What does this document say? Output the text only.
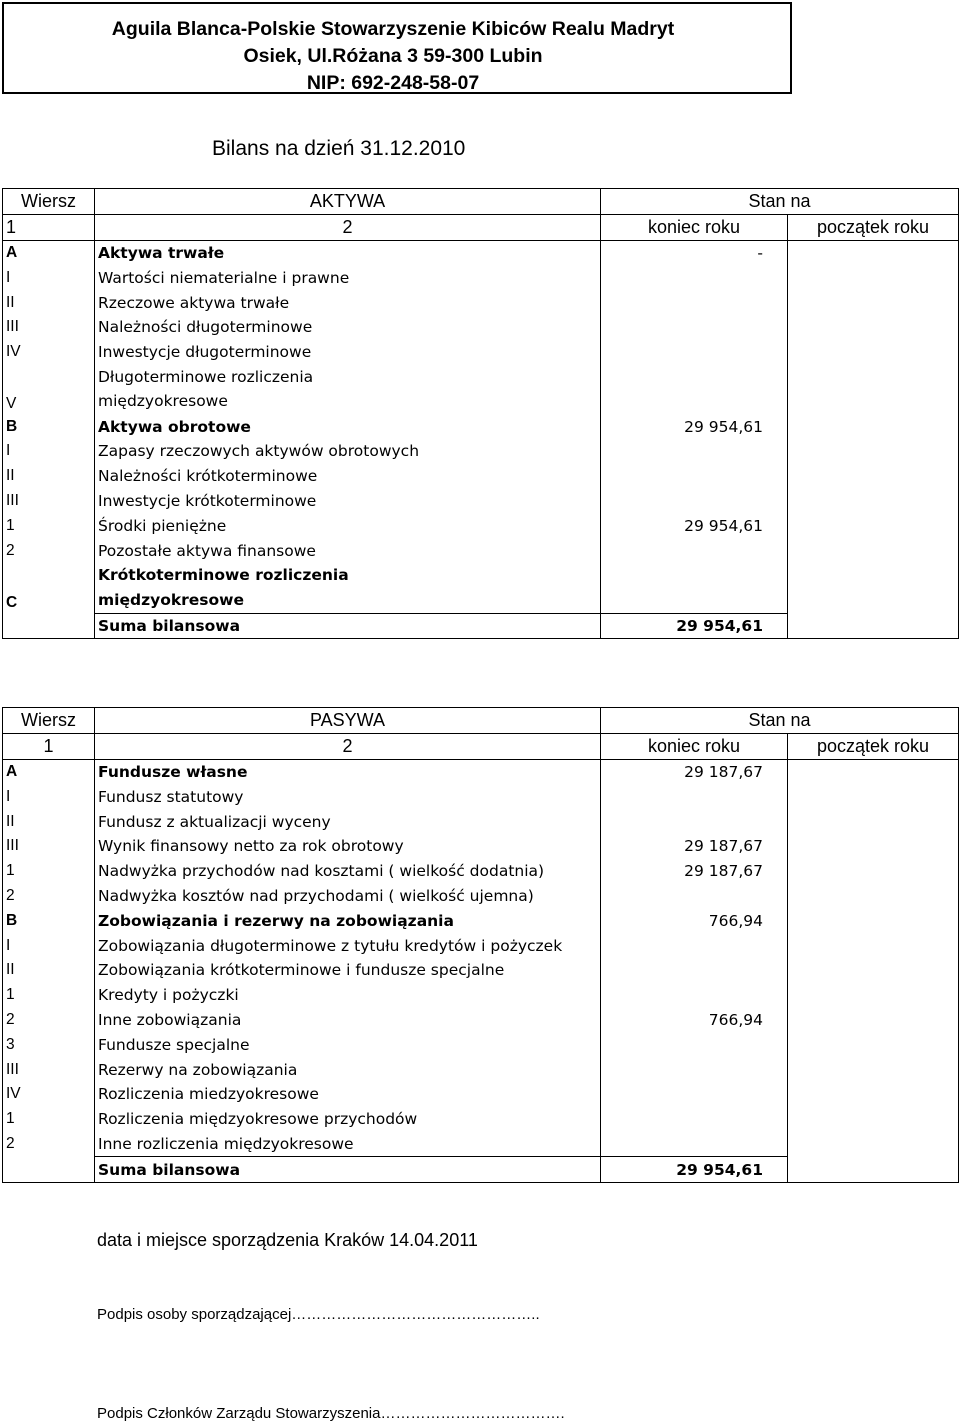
Aguila Blanca-Polskie Stowarzyszenie Kibiców Realu Madryt
Osiek, Ul.Różana 3 59-300 Lubin
NIP: 692-248-58-07
Bilans na dzień 31.12.2010
Wiersz	AKTYWA	Stan na	
1	2	koniec roku	początek roku
A	Aktywa trwałe	-	
I	Wartości niematerialne i prawne		
II	Rzeczowe aktywa trwałe		
III	Należności długoterminowe		
IV	Inwestycje długoterminowe		
V	Długoterminowe rozliczenia
międzyokresowe		

B	Aktywa obrotowe	29 954,61	
I	Zapasy rzeczowych aktywów obrotowych		
II	Należności krótkoterminowe		
III	Inwestycje krótkoterminowe		
1	Środki pieniężne	29 954,61	
2	Pozostałe aktywa finansowe		
C	Krótkoterminowe rozliczenia
międzyokresowe		

	Suma bilansowa	29 954,61	
Wiersz	PASYWA	Stan na	
1	2	koniec roku	początek roku
A	Fundusze własne	29 187,67	
I	Fundusz statutowy		
II	Fundusz z aktualizacji wyceny		
III	Wynik finansowy netto za rok obrotowy	29 187,67	
1	Nadwyżka przychodów nad kosztami ( wielkość dodatnia)	29 187,67	
2	Nadwyżka kosztów nad przychodami ( wielkość ujemna)		
B	Zobowiązania i rezerwy na zobowiązania	766,94	
I	Zobowiązania długoterminowe z tytułu kredytów i pożyczek		
II	Zobowiązania krótkoterminowe i fundusze specjalne		
1	Kredyty i pożyczki		
2	Inne zobowiązania	766,94	
3	Fundusze specjalne		
III	Rezerwy na zobowiązania		
IV	Rozliczenia miedzyokresowe		
1	Rozliczenia międzyokresowe przychodów		
2	Inne rozliczenia międzyokresowe		
	Suma bilansowa	29 954,61	
data i miejsce sporządzenia Kraków 14.04.2011
Podpis osoby sporządzającej…………………………………………..
Podpis Członków Zarządu Stowarzyszenia……………………………….
